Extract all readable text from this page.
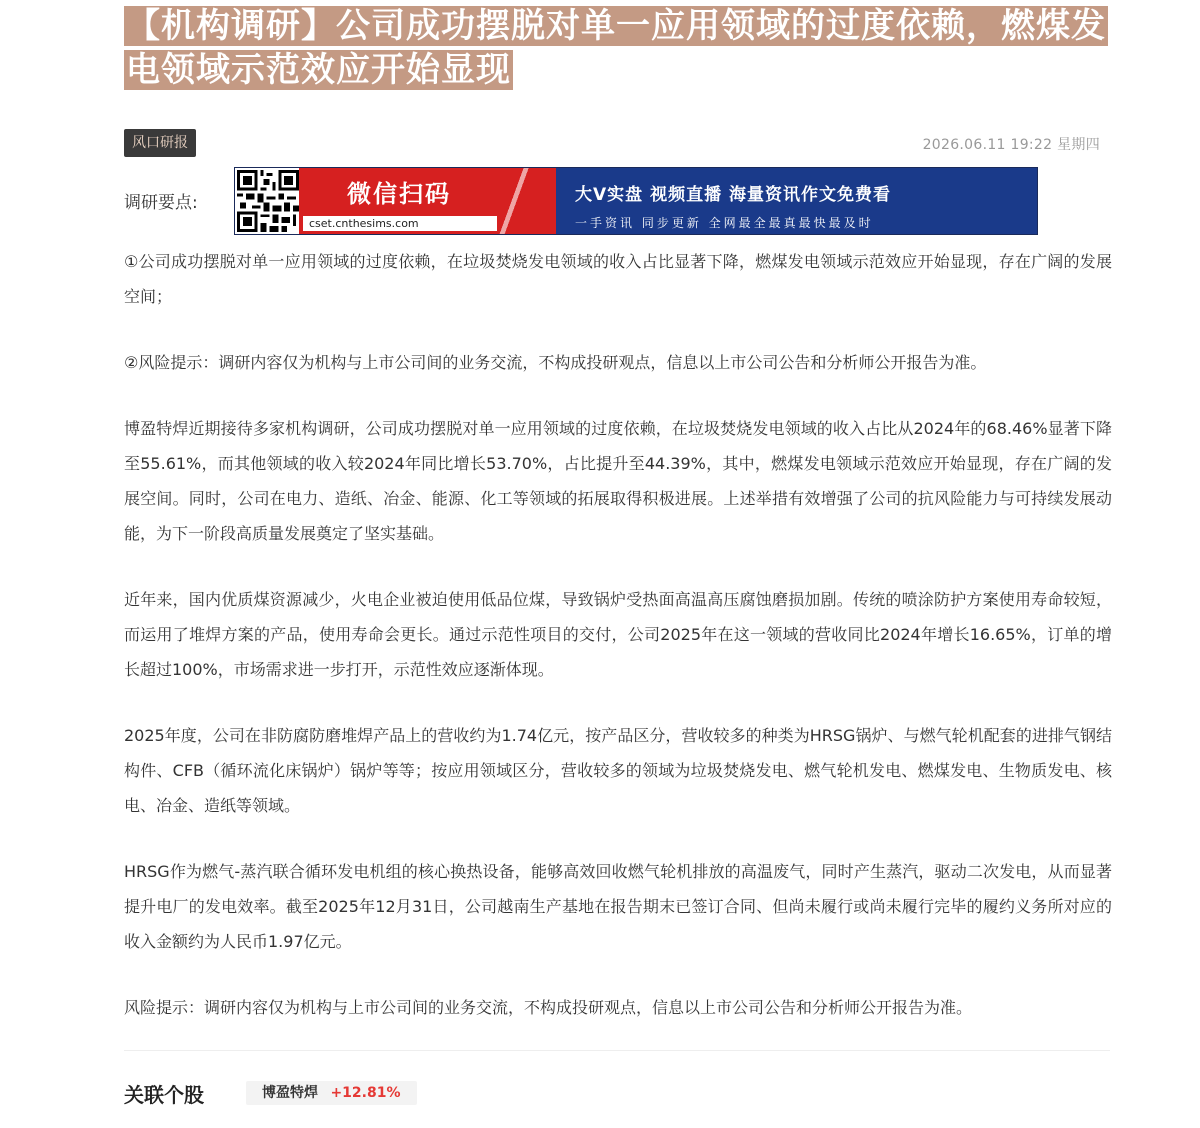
【机构调研】公司成功摆脱对单一应用领域的过度依赖，燃煤发电领域示范效应开始显现
风口研报	2026.06.11 19:22 星期四
调研要点:	微信扫码
cset.cnthesims.com
大V实盘 视频直播 海量资讯作文免费看
一手资讯 同步更新 全网最全最真最快最及时

①公司成功摆脱对单一应用领域的过度依赖，在垃圾焚烧发电领域的收入占比显著下降，燃煤发电领域示范效应开始显现，存在广阔的发展空间；

②风险提示：调研内容仅为机构与上市公司间的业务交流，不构成投研观点，信息以上市公司公告和分析师公开报告为准。

博盈特焊近期接待多家机构调研，公司成功摆脱对单一应用领域的过度依赖，在垃圾焚烧发电领域的收入占比从2024年的68.46%显著下降至55.61%，而其他领域的收入较2024年同比增长53.70%，占比提升至44.39%，其中，燃煤发电领域示范效应开始显现，存在广阔的发展空间。同时，公司在电力、造纸、冶金、能源、化工等领域的拓展取得积极进展。上述举措有效增强了公司的抗风险能力与可持续发展动能，为下一阶段高质量发展奠定了坚实基础。

近年来，国内优质煤资源减少，火电企业被迫使用低品位煤，导致锅炉受热面高温高压腐蚀磨损加剧。传统的喷涂防护方案使用寿命较短，而运用了堆焊方案的产品，使用寿命会更长。通过示范性项目的交付，公司2025年在这一领域的营收同比2024年增长16.65%，订单的增长超过100%，市场需求进一步打开，示范性效应逐渐体现。

2025年度，公司在非防腐防磨堆焊产品上的营收约为1.74亿元，按产品区分，营收较多的种类为HRSG锅炉、与燃气轮机配套的进排气钢结构件、CFB（循环流化床锅炉）锅炉等等；按应用领域区分，营收较多的领域为垃圾焚烧发电、燃气轮机发电、燃煤发电、生物质发电、核电、冶金、造纸等领域。

HRSG作为燃气-蒸汽联合循环发电机组的核心换热设备，能够高效回收燃气轮机排放的高温废气，同时产生蒸汽，驱动二次发电，从而显著提升电厂的发电效率。截至2025年12月31日，公司越南生产基地在报告期末已签订合同、但尚未履行或尚未履行完毕的履约义务所对应的收入金额约为人民币1.97亿元。

风险提示：调研内容仅为机构与上市公司间的业务交流，不构成投研观点，信息以上市公司公告和分析师公开报告为准。

关联个股	博盈特焊 +12.81%
